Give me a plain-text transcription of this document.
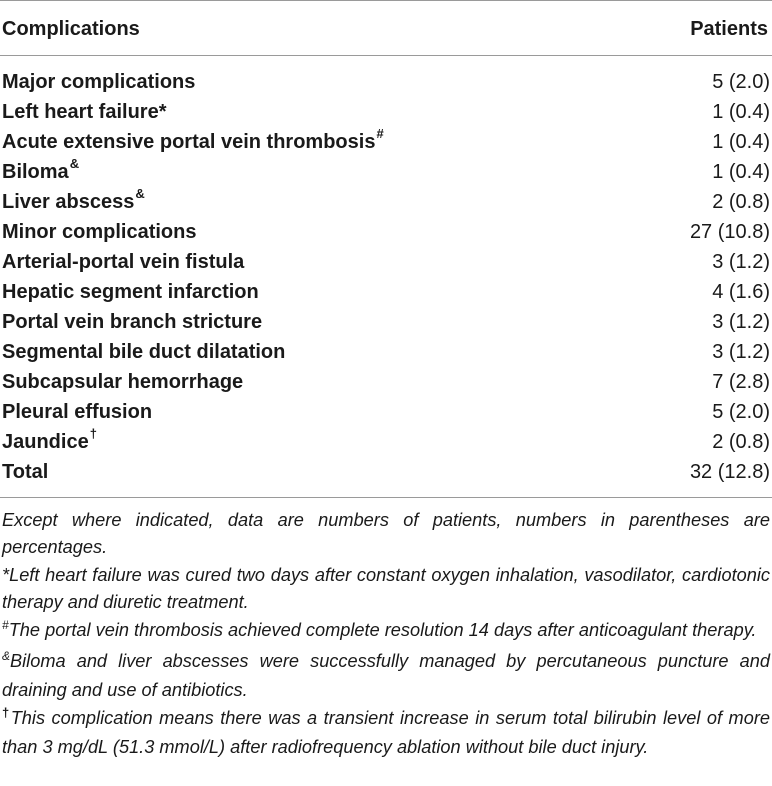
Complications	Patients
Major complications	5 (2.0)
Left heart failure*	1 (0.4)
Acute extensive portal vein thrombosis#	1 (0.4)
Biloma&	1 (0.4)
Liver abscess&	2 (0.8)
Minor complications	27 (10.8)
Arterial-portal vein fistula	3 (1.2)
Hepatic segment infarction	4 (1.6)
Portal vein branch stricture	3 (1.2)
Segmental bile duct dilatation	3 (1.2)
Subcapsular hemorrhage	7 (2.8)
Pleural effusion	5 (2.0)
Jaundice†	2 (0.8)
Total	32 (12.8)
Except where indicated, data are numbers of patients, numbers in parentheses are percentages.
*Left heart failure was cured two days after constant oxygen inhalation, vasodilator, cardiotonic therapy and diuretic treatment.
#The portal vein thrombosis achieved complete resolution 14 days after anticoagulant therapy.
&Biloma and liver abscesses were successfully managed by percutaneous puncture and draining and use of antibiotics.
†This complication means there was a transient increase in serum total bilirubin level of more than 3 mg/dL (51.3 mmol/L) after radiofrequency ablation without bile duct injury.
